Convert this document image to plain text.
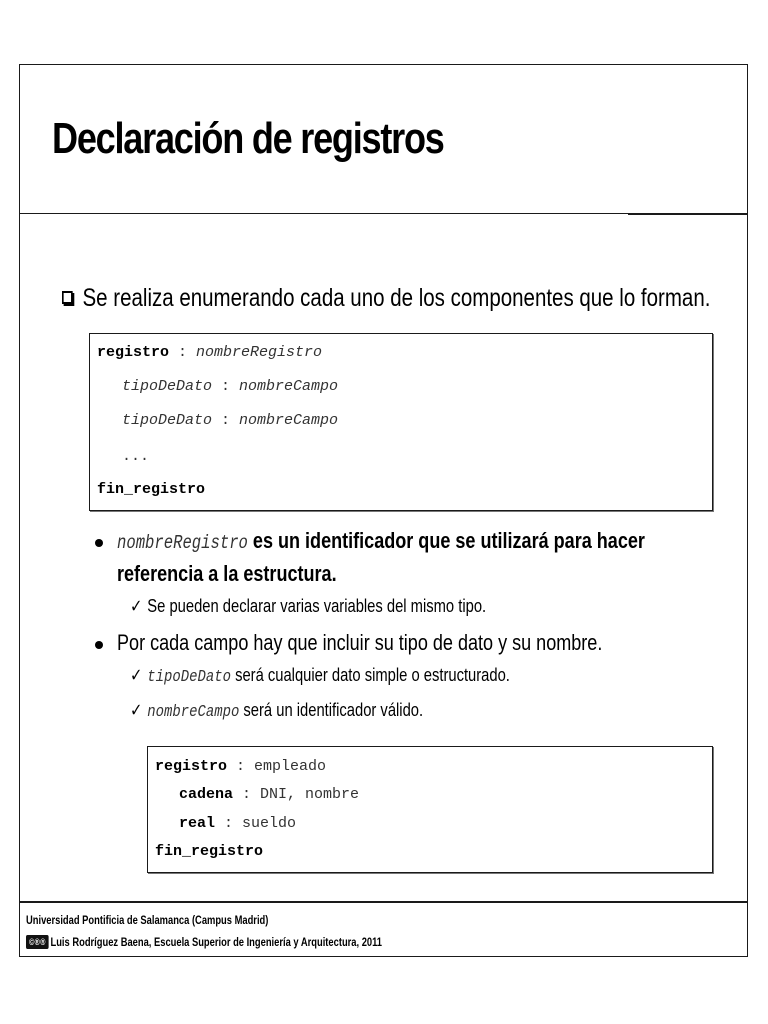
Declaración de registros
Se realiza enumerando cada uno de los componentes que lo forman.
registro : nombreRegistro
tipoDeDato : nombreCampo
tipoDeDato : nombreCampo
...
fin_registro
nombreRegistro es un identificador que se utilizará para hacer
referencia a la estructura.
✓ Se pueden declarar varias variables del mismo tipo.
Por cada campo hay que incluir su tipo de dato y su nombre.
✓ tipoDeDato será cualquier dato simple o estructurado.
✓ nombreCampo será un identificador válido.
registro : empleado
cadena : DNI, nombre
real : sueldo
fin_registro
Universidad Pontificia de Salamanca (Campus Madrid)
©®® Luis Rodríguez Baena, Escuela Superior de Ingeniería y Arquitectura, 2011
